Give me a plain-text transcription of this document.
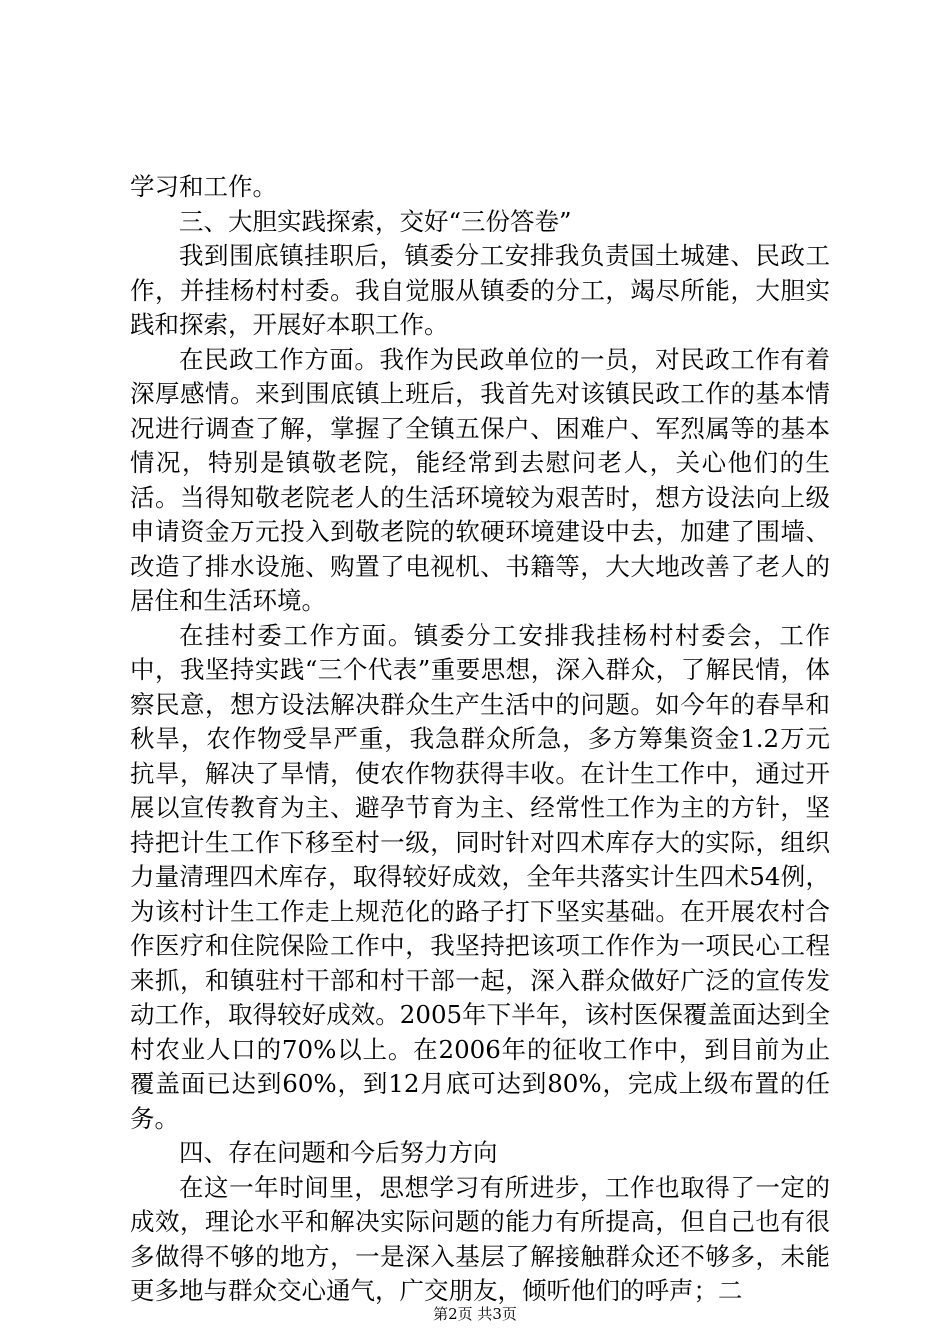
学习和工作。

三、大胆实践探索，交好“三份答卷”

我到围底镇挂职后，镇委分工安排我负责国土城建、民政工作，并挂杨村村委。我自觉服从镇委的分工，竭尽所能，大胆实践和探索，开展好本职工作。

在民政工作方面。我作为民政单位的一员，对民政工作有着深厚感情。来到围底镇上班后，我首先对该镇民政工作的基本情况进行调查了解，掌握了全镇五保户、困难户、军烈属等的基本情况，特别是镇敬老院，能经常到去慰问老人，关心他们的生活。当得知敬老院老人的生活环境较为艰苦时，想方设法向上级申请资金万元投入到敬老院的软硬环境建设中去，加建了围墙、改造了排水设施、购置了电视机、书籍等，大大地改善了老人的居住和生活环境。

在挂村委工作方面。镇委分工安排我挂杨村村委会，工作中，我坚持实践“三个代表”重要思想，深入群众，了解民情，体察民意，想方设法解决群众生产生活中的问题。如今年的春旱和秋旱，农作物受旱严重，我急群众所急，多方筹集资金1.2万元抗旱，解决了旱情，使农作物获得丰收。在计生工作中，通过开展以宣传教育为主、避孕节育为主、经常性工作为主的方针，坚持把计生工作下移至村一级，同时针对四术库存大的实际，组织力量清理四术库存，取得较好成效，全年共落实计生四术54例，为该村计生工作走上规范化的路子打下坚实基础。在开展农村合作医疗和住院保险工作中，我坚持把该项工作作为一项民心工程来抓，和镇驻村干部和村干部一起，深入群众做好广泛的宣传发动工作，取得较好成效。2005年下半年，该村医保覆盖面达到全村农业人口的70%以上。在2006年的征收工作中，到目前为止覆盖面已达到60%，到12月底可达到80%，完成上级布置的任务。

四、存在问题和今后努力方向

在这一年时间里，思想学习有所进步，工作也取得了一定的成效，理论水平和解决实际问题的能力有所提高，但自己也有很多做得不够的地方，一是深入基层了解接触群众还不够多，未能更多地与群众交心通气，广交朋友，倾听他们的呼声；二

第2页 共3页
